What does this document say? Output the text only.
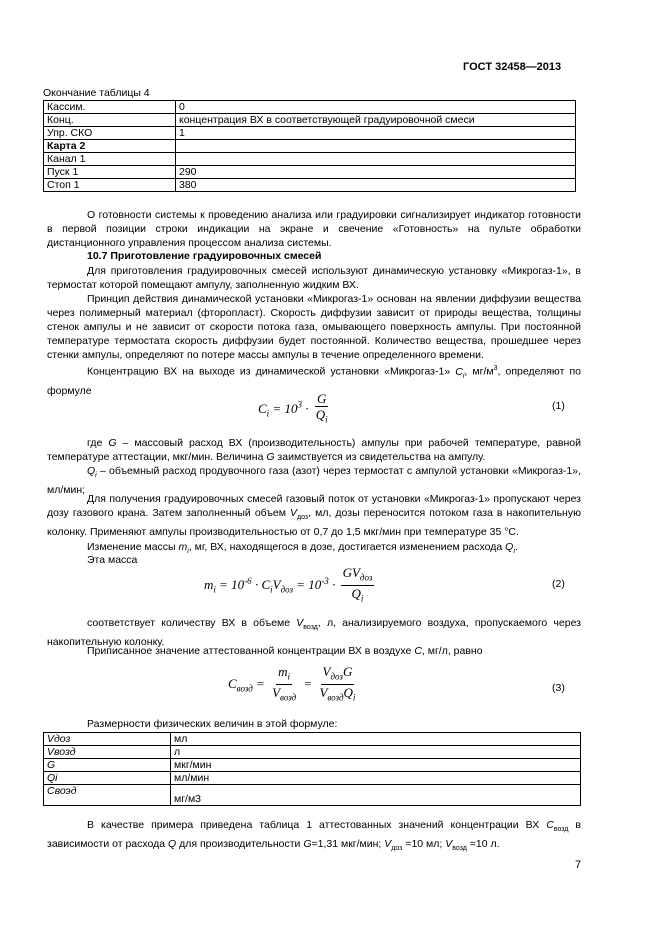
ГОСТ 32458—2013
Окончание таблицы 4
Кассим.	0
Конц.	концентрация ВХ в соответствующей градуировочной смеси
Упр. СКО	1
Карта 2	
Канал 1	
Пуск 1	290
Стоп 1	380
О готовности системы к проведению анализа или градуировки сигнализирует индикатор готовности в первой позиции строки индикации на экране и свечение «Готовность» на пульте обработки дистанционного управления процессом анализа системы.
10.7 Приготовление градуировочных смесей
Для приготовления градуировочных смесей используют динамическую установку «Микрогаз-1», в термостат которой помещают ампулу, заполненную жидким ВХ.
Принцип действия динамической установки «Микрогаз-1» основан на явлении диффузии вещества через полимерный материал (фторопласт). Скорость диффузии зависит от природы вещества, толщины стенок ампулы и не зависит от скорости потока газа, омывающего поверхность ампулы. При постоянной температуре термостата скорость диффузии будет постоянной. Количество вещества, прошедшее через стенки ампулы, определяют по потере массы ампулы в течение определенного времени.
Концентрацию ВХ на выходе из динамической установки «Микрогаз-1» $C_i$, $мг/м^3$, определяют по формуле
$C_i = 10^3 \cdot \frac{G}{Q_i}$	(1)
где G – массовый расход ВХ (производительность) ампулы при рабочей температуре, равной температуре аттестации, мкг/мин. Величина G заимствуется из свидетельства на ампулу.
$Q_i$ – объемный расход продувочного газа (азот) через термостат с ампулой установки «Микрогаз-1», мл/мин;
Для получения градуировочных смесей газовый поток от установки «Микрогаз-1» пропускают через дозу газового крана. Затем заполненный объем $V_{доз}$, мл, дозы переносится потоком газа в накопительную колонку. Применяют ампулы производительностью от 0,7 до 1,5 мкг/мин при температуре 35 °С.
Изменение массы $m_i$, мг, ВХ, находящегося в дозе, достигается изменением расхода $Q_i$.
Эта масса
$m_i = 10^{-6} \cdot C_iV_{доз} = 10^{-3} \cdot \frac{GV_{доз}}{Q_i}$	(2)
соответствует количеству ВХ в объеме $V_{возд}$, л, анализируемого воздуха, пропускаемого через накопительную колонку.
Приписанное значение аттестованной концентрации ВХ в воздухе C, мг/л, равно
$C_{возд} = \frac{m_i}{V_{возд}} = \frac{V_{доз}G}{V_{возд}Q_i}$	(3)
Размерности физических величин в этой формуле:
Vдоз	мл
Vвозд	л
G	мкг/мин
Qi	мл/мин
Своэд	мг/м3
В качестве примера приведена таблица 1 аттестованных значений концентрации ВХ $C_{возд}$ в зависимости от расхода Q для производительности G=1,31 мкг/мин; $V_{доз} =10$ мл; $V_{возд} =10$ л.
7
